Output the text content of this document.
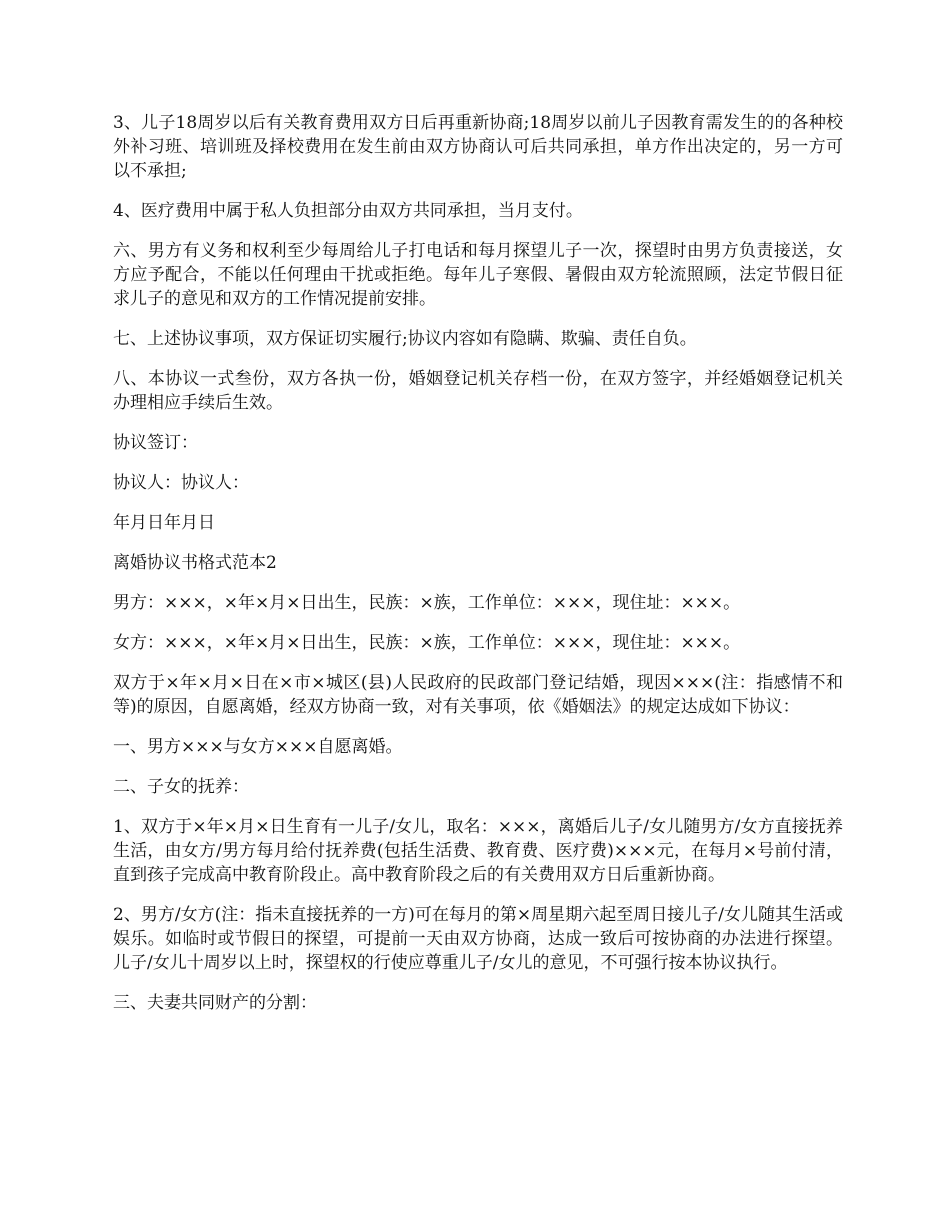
3、儿子18周岁以后有关教育费用双方日后再重新协商;18周岁以前儿子因教育需发生的的各种校外补习班、培训班及择校费用在发生前由双方协商认可后共同承担，单方作出决定的，另一方可以不承担;

4、医疗费用中属于私人负担部分由双方共同承担，当月支付。

六、男方有义务和权利至少每周给儿子打电话和每月探望儿子一次，探望时由男方负责接送，女方应予配合，不能以任何理由干扰或拒绝。每年儿子寒假、暑假由双方轮流照顾，法定节假日征求儿子的意见和双方的工作情况提前安排。

七、上述协议事项，双方保证切实履行;协议内容如有隐瞒、欺骗、责任自负。

八、本协议一式叁份，双方各执一份，婚姻登记机关存档一份，在双方签字，并经婚姻登记机关办理相应手续后生效。

协议签订：

协议人：协议人：

年月日年月日

离婚协议书格式范本2

男方：×××，×年×月×日出生，民族：×族，工作单位：×××，现住址：×××。

女方：×××，×年×月×日出生，民族：×族，工作单位：×××，现住址：×××。

双方于×年×月×日在×市×城区(县)人民政府的民政部门登记结婚，现因×××(注：指感情不和等)的原因，自愿离婚，经双方协商一致，对有关事项，依《婚姻法》的规定达成如下协议：

一、男方×××与女方×××自愿离婚。

二、子女的抚养：

1、双方于×年×月×日生育有一儿子/女儿，取名：×××，离婚后儿子/女儿随男方/女方直接抚养生活，由女方/男方每月给付抚养费(包括生活费、教育费、医疗费)×××元，在每月×号前付清，直到孩子完成高中教育阶段止。高中教育阶段之后的有关费用双方日后重新协商。

2、男方/女方(注：指未直接抚养的一方)可在每月的第×周星期六起至周日接儿子/女儿随其生活或娱乐。如临时或节假日的探望，可提前一天由双方协商，达成一致后可按协商的办法进行探望。儿子/女儿十周岁以上时，探望权的行使应尊重儿子/女儿的意见，不可强行按本协议执行。

三、夫妻共同财产的分割：
